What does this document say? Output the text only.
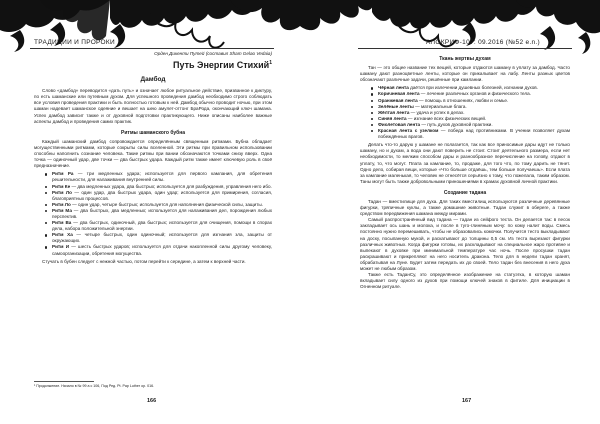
ТРАДИЦИИ И ПРОРОКИ
Орден Дикенти Путей (составил Sham Gelao Vedaia)
Путь Энергии Стихий$^1$
Дамбод

Слово «дамбод» переводится «дать путь» и означает любое ритуальное действие, призванное к диктуру, по есть шаманские или путевным духом. Для успешного проведения дамбод необходимо строго соблюдать все условия проведения практики и быть полностью готовым к ней. Дамбод обычно проводит ночью, при этом шаман надевает шаманское одеяние и вешает на шею амулет-оттонг БраРода, окончающий ключ шамана. Успех дамбод зависит также и от духовной подготовки практикующего. Ниже описаны наиболее важные аспекты дамбод и проведения самих практик.

Ритмы шаманского бубна

Каждый шаманский дамбод сопровождается определённым священным ритмами. Бубна обладает могущественными ритмами, которые сокрыты силы вселенной. Эти ритмы при правильном использовании способны наполнить сознание человека. Такие ритмы при вании обозначаются точками снизу вверх. Одна точка — одиночный удар, две точки — два быстрых удара. Каждый ритм также имеет ключевую роль в своё предназначение.

Ритм Ра — три медленных удара; используется для первого камлания, для обретения решительности, для налаживания внутренней силы.
Ритм Ке — два медленных удара, два быстрых; используется для разбуждения, управления него ибо.
Ритм Ло — один удар, два быстрых удара, один удар; используется для примирения, согласия, благоприятных процессов.
Ритм Ло — один удар, четыре быстрых; используется для наполнения физической силы, защиты.
Ритм Ма — два быстрых, два медленных; используется для налаживания дел, порождения любых перспектив.
Ритм Ва — два быстрых, одиночный, два быстрых; используется для очищения, помощи в спорах дела, набора положительной энергии.
Ритм Ха — четыре быстрых, один одиночный; используется для изгнания зла, защиты от окружающих.
Ритм И — шесть быстрых ударов; используется для отдачи накопленной силы другому человеку, самоорганизации, обретения могущества.

Стучать в бубен следует с нежной частью, потом перейти к середине, а затем к верхней части.

¹ Продолжение. Начало в № 99 а с 106, Под Ред. Pt. Pap Luther op. 016.
166
АПОКРИФ-107: 09.2016 (№52 e.n.)
Ткань жертвы духам

Тан — это общее название тех вещей, которые отдаются шаману в уплату за дамбод. Часто шаману дают разноцветные ленты, которые он прикалывает на лабу. Ленты разных цветов обозначают различные задачи, решённые при камлании.

Чёрная лента даётся при излечении душевных болезней, изгнании духов.
Коричневая лента — лечение различных органов и физического тела.
Оранжевая лента — помощь в отношениях, любви и семье.
Зелёные ленты — материальные блага.
Жёлтая лента — удача и успех в делах.
Синяя лента — изгнание всех физических вещей.
Фиолетовая лента — путь духов духовной практики.
Красная лента с узелком — победа над противниками. В учении позволяет духам побеждённых врагов.

Делать что-то дарую у шамане не полагается, так как все приносимые дары идут не только шаману, но и духам, а вода они дают поверить не стоит. Стоит деятельного размера, если нет необходимости, то мелким способом дары и разнообразное перечисление на голову, отдают в уплату, то, что могут. Плата за камлание, то, продаже, для того что, по тому дарить не тянет. Одно дело, собирая вещи, которые «Что больше отдаёшь, тем больше получаешь». Если плата за камлание маленькая, то человек не отнесётся серьёзно к тому, что пожелала, таким образом. Таны могут быть также добровольными приношениями в храмах духовной личной практики.

Создание тадана

Тадан — вместилище для духа. Для таких вместилищ используются различные деревянные фигурки, тряпичные куклы, а также домашние животные. Тадан служит в обереге, а также средством передвижения шамана между мирами.

Самый распространённый вид тадана — тадан из сейфого теста. Он делается так: в песок закладывает ось шань и молока, и после в туго-глиняным мочу: по кому налит воды. Смесь постоянно нужно перемешивать, чтобы не образовались комочки. Получится тесто выкладывают на доску, посыпанную мукой, и раскатывают до толщины 0,5 см. Из теста вырезают фигурки различных животных. Когда фигурки готовы, их раскладывают на специальное жаро противне и выпекают в духовке при минимальной температуре час ночь. После просушки тадан раскрашивают и прикрепляют на него носитель дракона. Тело для в недели тадан хранят, обрабатывая на Луне. Будет затем передать их до своей. Тело тадан без внесения в него духа может не любым образом.

Также есть ТаданСу, это определённое изображение на статуэтка, в которую шаман вкладывает силу одного из духов при помощи ключей знаков в фитиле. Для инициации в Огненном ритуале.

167
